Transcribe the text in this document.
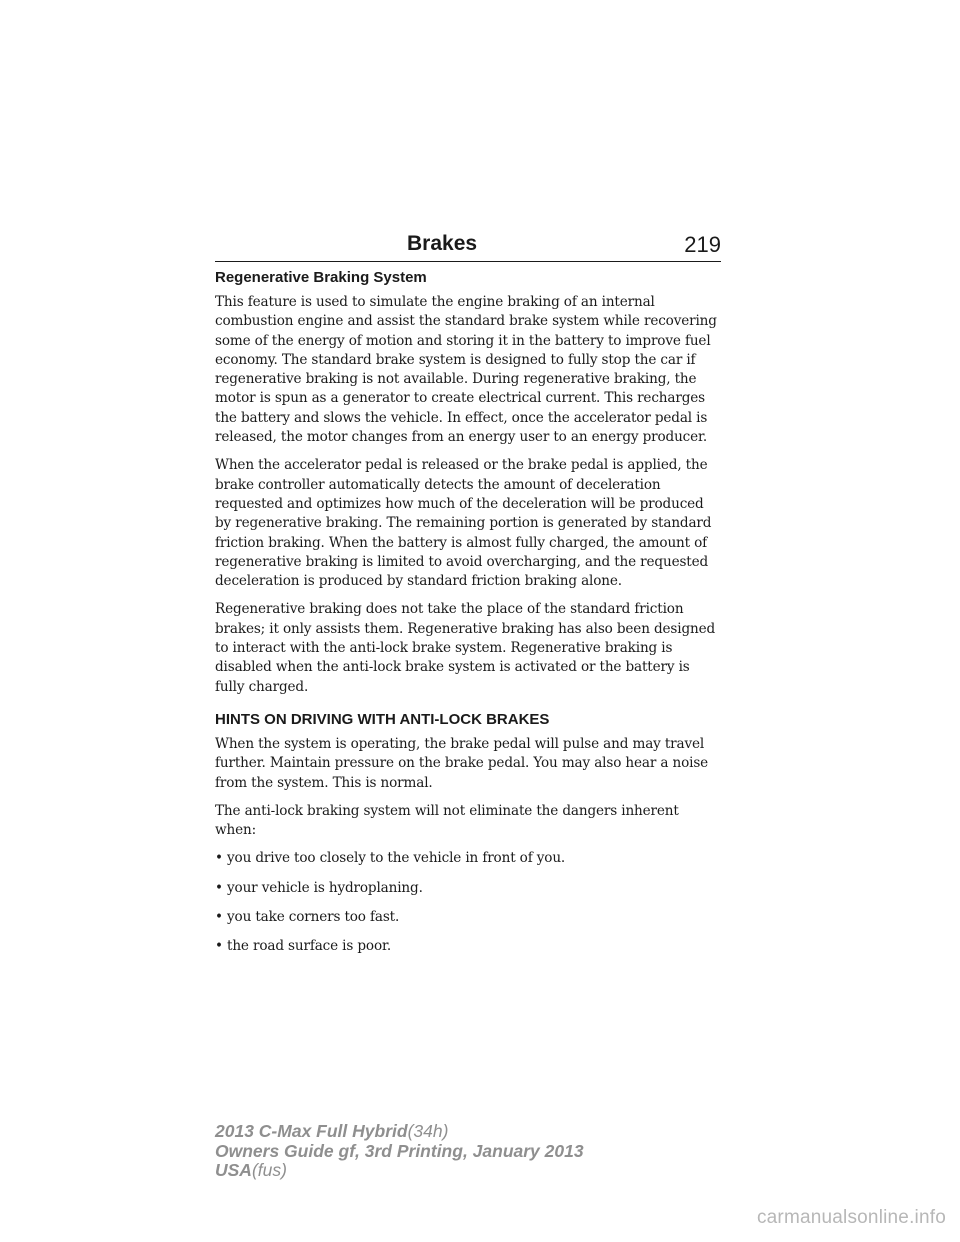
Brakes	219
Regenerative Braking System

This feature is used to simulate the engine braking of an internal combustion engine and assist the standard brake system while recovering some of the energy of motion and storing it in the battery to improve fuel economy. The standard brake system is designed to fully stop the car if regenerative braking is not available. During regenerative braking, the motor is spun as a generator to create electrical current. This recharges the battery and slows the vehicle. In effect, once the accelerator pedal is released, the motor changes from an energy user to an energy producer.

When the accelerator pedal is released or the brake pedal is applied, the brake controller automatically detects the amount of deceleration requested and optimizes how much of the deceleration will be produced by regenerative braking. The remaining portion is generated by standard friction braking. When the battery is almost fully charged, the amount of regenerative braking is limited to avoid overcharging, and the requested deceleration is produced by standard friction braking alone.

Regenerative braking does not take the place of the standard friction brakes; it only assists them. Regenerative braking has also been designed to interact with the anti-lock brake system. Regenerative braking is disabled when the anti-lock brake system is activated or the battery is fully charged.

HINTS ON DRIVING WITH ANTI-LOCK BRAKES

When the system is operating, the brake pedal will pulse and may travel further. Maintain pressure on the brake pedal. You may also hear a noise from the system. This is normal.

The anti-lock braking system will not eliminate the dangers inherent when:

• you drive too closely to the vehicle in front of you.
• your vehicle is hydroplaning.
• you take corners too fast.
• the road surface is poor.
2013 C-Max Full Hybrid(34h)
Owners Guide gf, 3rd Printing, January 2013
USA(fus)
carmanualsonline.info
